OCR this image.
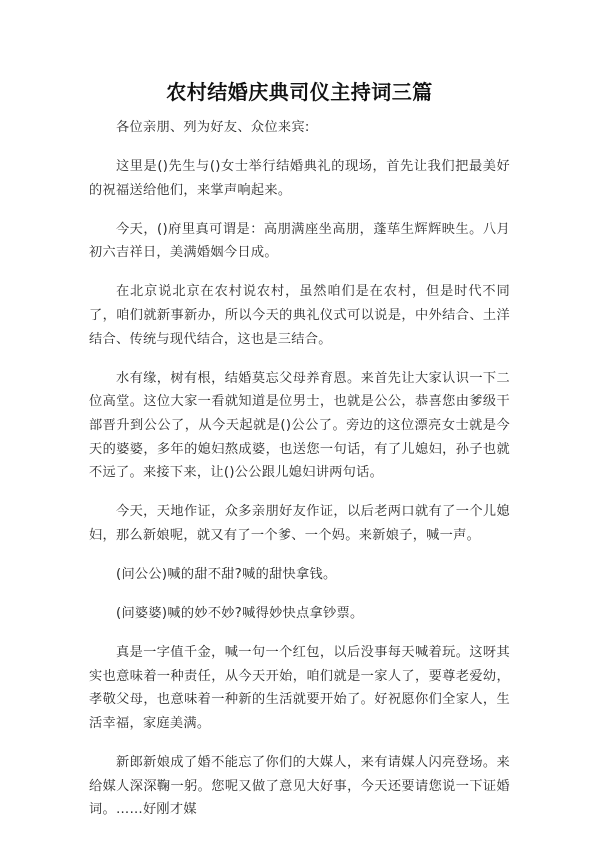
农村结婚庆典司仪主持词三篇

各位亲朋、列为好友、众位来宾:

这里是()先生与()女士举行结婚典礼的现场，首先让我们把最美好的祝福送给他们，来掌声响起来。

今天，()府里真可谓是：高朋满座坐高朋，蓬荜生辉辉映生。八月初六吉祥日，美满婚姻今日成。

在北京说北京在农村说农村，虽然咱们是在农村，但是时代不同了，咱们就新事新办，所以今天的典礼仪式可以说是，中外结合、土洋结合、传统与现代结合，这也是三结合。

水有缘，树有根，结婚莫忘父母养育恩。来首先让大家认识一下二位高堂。这位大家一看就知道是位男士，也就是公公，恭喜您由爹级干部晋升到公公了，从今天起就是()公公了。旁边的这位漂亮女士就是今天的婆婆，多年的媳妇熬成婆，也送您一句话，有了儿媳妇，孙子也就不远了。来接下来，让()公公跟儿媳妇讲两句话。

今天，天地作证，众多亲朋好友作证，以后老两口就有了一个儿媳妇，那么新娘呢，就又有了一个爹、一个妈。来新娘子，喊一声。

(问公公)喊的甜不甜?喊的甜快拿钱。

(问婆婆)喊的妙不妙?喊得妙快点拿钞票。

真是一字值千金，喊一句一个红包，以后没事每天喊着玩。这呀其实也意味着一种责任，从今天开始，咱们就是一家人了，要尊老爱幼，孝敬父母，也意味着一种新的生活就要开始了。好祝愿你们全家人，生活幸福，家庭美满。

新郎新娘成了婚不能忘了你们的大媒人，来有请媒人闪亮登场。来给媒人深深鞠一躬。您呢又做了意见大好事，今天还要请您说一下证婚词。……好刚才媒
